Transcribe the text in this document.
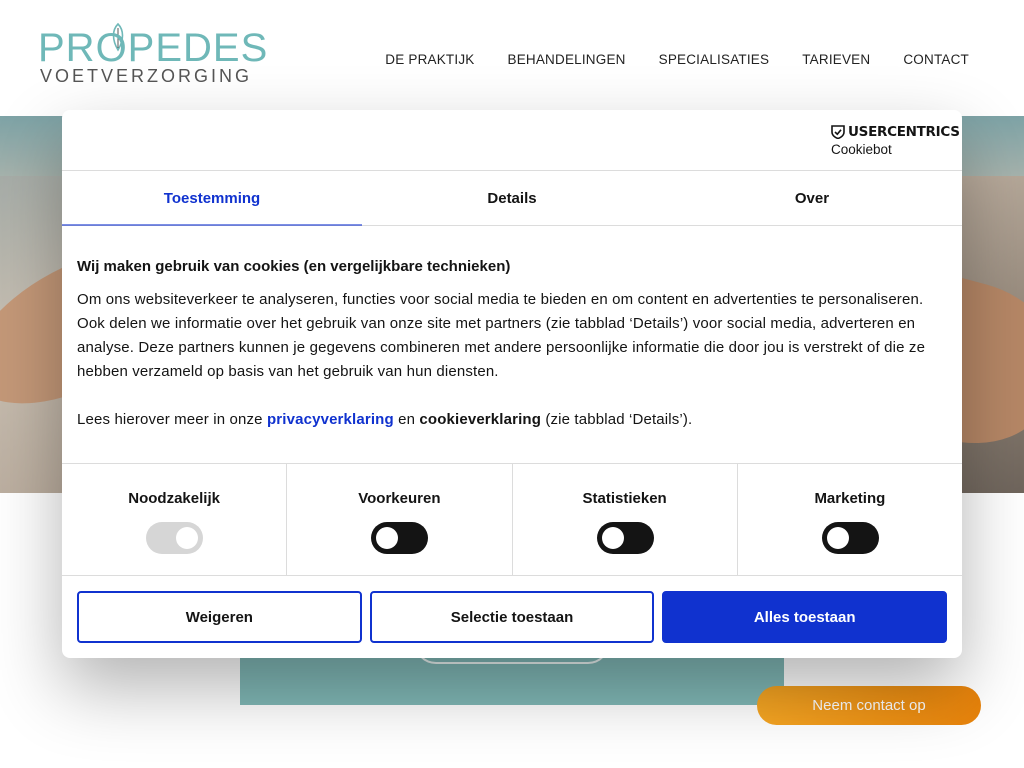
PROPEDES
VOETVERZORGING
DE PRAKTIJK BEHANDELINGEN SPECIALISATIES TARIEVEN CONTACT
Neem contact op
USERCENTRICS
Cookiebot
Toestemming	Details	Over
Wij maken gebruik van cookies (en vergelijkbare technieken)
Om ons websiteverkeer te analyseren, functies voor social media te bieden en om content en advertenties te personaliseren. Ook delen we informatie over het gebruik van onze site met partners (zie tabblad ‘Details’) voor social media, adverteren en analyse. Deze partners kunnen je gegevens combineren met andere persoonlijke informatie die door jou is verstrekt of die ze hebben verzameld op basis van het gebruik van hun diensten.
Lees hierover meer in onze privacyverklaring en cookieverklaring (zie tabblad ‘Details’).
Noodzakelijk	Voorkeuren	Statistieken	Marketing
Weigeren	Selectie toestaan	Alles toestaan
